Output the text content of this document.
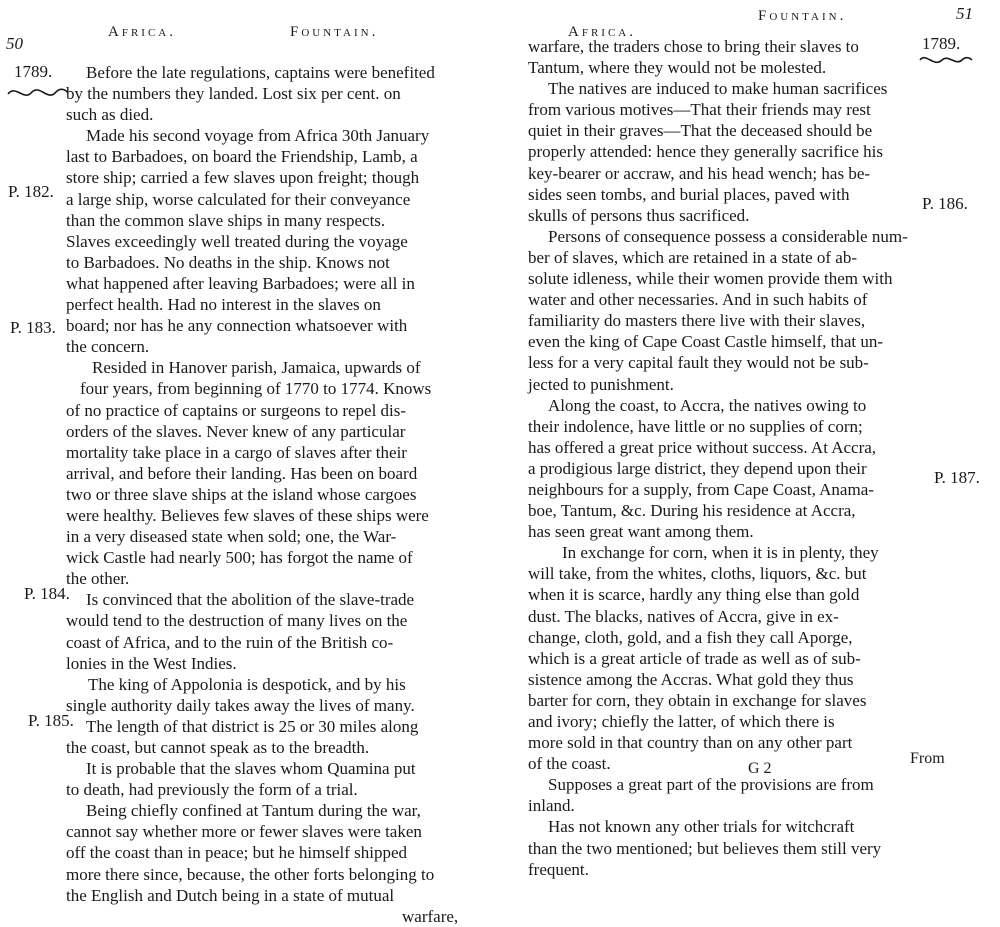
50
Africa.	Fountain.
1789.
P. 182.
P. 183.
P. 184.
P. 185.
Before the late regulations, captains were benefited
by the numbers they landed. Lost six per cent. on
such as died.
Made his second voyage from Africa 30th January
last to Barbadoes, on board the Friendship, Lamb, a
store ship; carried a few slaves upon freight; though
a large ship, worse calculated for their conveyance
than the common slave ships in many respects.
Slaves exceedingly well treated during the voyage
to Barbadoes. No deaths in the ship. Knows not
what happened after leaving Barbadoes; were all in
perfect health. Had no interest in the slaves on
board; nor has he any connection whatsoever with
the concern.
Resided in Hanover parish, Jamaica, upwards of
four years, from beginning of 1770 to 1774. Knows
of no practice of captains or surgeons to repel dis-
orders of the slaves. Never knew of any particular
mortality take place in a cargo of slaves after their
arrival, and before their landing. Has been on board
two or three slave ships at the island whose cargoes
were healthy. Believes few slaves of these ships were
in a very diseased state when sold; one, the War-
wick Castle had nearly 500; has forgot the name of
the other.
Is convinced that the abolition of the slave-trade
would tend to the destruction of many lives on the
coast of Africa, and to the ruin of the British co-
lonies in the West Indies.
The king of Appolonia is despotick, and by his
single authority daily takes away the lives of many.
The length of that district is 25 or 30 miles along
the coast, but cannot speak as to the breadth.
It is probable that the slaves whom Quamina put
to death, had previously the form of a trial.
Being chiefly confined at Tantum during the war,
cannot say whether more or fewer slaves were taken
off the coast than in peace; but he himself shipped
more there since, because, the other forts belonging to
the English and Dutch being in a state of mutual
warfare,
Africa.
Fountain.	51
1789.
P. 186.
P. 187.
warfare, the traders chose to bring their slaves to
Tantum, where they would not be molested.
The natives are induced to make human sacrifices
from various motives—That their friends may rest
quiet in their graves—That the deceased should be
properly attended: hence they generally sacrifice his
key-bearer or accraw, and his head wench; has be-
sides seen tombs, and burial places, paved with
skulls of persons thus sacrificed.
Persons of consequence possess a considerable num-
ber of slaves, which are retained in a state of ab-
solute idleness, while their women provide them with
water and other necessaries. And in such habits of
familiarity do masters there live with their slaves,
even the king of Cape Coast Castle himself, that un-
less for a very capital fault they would not be sub-
jected to punishment.
Along the coast, to Accra, the natives owing to
their indolence, have little or no supplies of corn;
has offered a great price without success. At Accra,
a prodigious large district, they depend upon their
neighbours for a supply, from Cape Coast, Anama-
boe, Tantum, &c. During his residence at Accra,
has seen great want among them.
In exchange for corn, when it is in plenty, they
will take, from the whites, cloths, liquors, &c. but
when it is scarce, hardly any thing else than gold
dust. The blacks, natives of Accra, give in ex-
change, cloth, gold, and a fish they call Aporge,
which is a great article of trade as well as of sub-
sistence among the Accras. What gold they thus
barter for corn, they obtain in exchange for slaves
and ivory; chiefly the latter, of which there is
more sold in that country than on any other part
of the coast.
Supposes a great part of the provisions are from
inland.
Has not known any other trials for witchcraft
than the two mentioned; but believes them still very
frequent.
G 2
From
